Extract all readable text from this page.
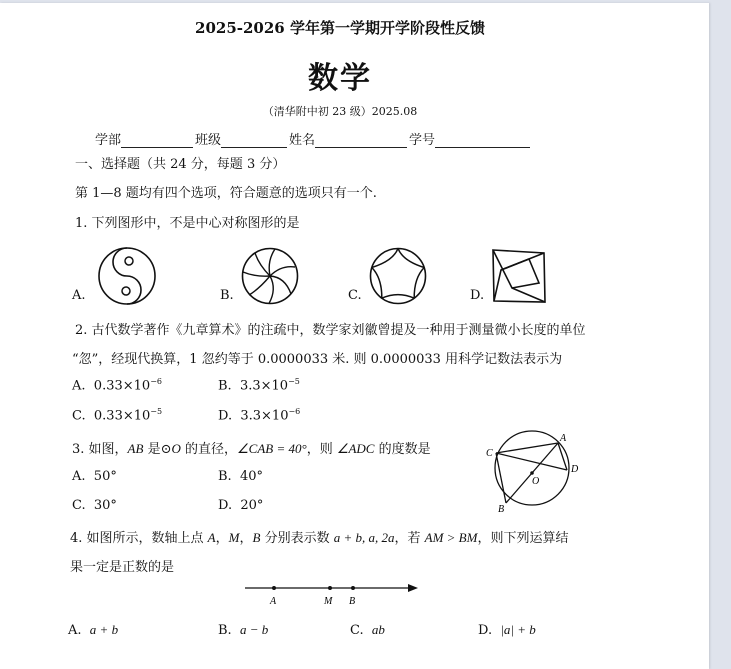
2025-2026 学年第一学期开学阶段性反馈
数学
（清华附中初 23 级）2025.08
学部	班级	姓名	学号
一、选择题（共 24 分，每题 3 分）
第 1—8 题均有四个选项，符合题意的选项只有一个.
1. 下列图形中，不是中心对称图形的是
A.	B.	C.	D.
2. 古代数学著作《九章算术》的注疏中，数学家刘徽曾提及一种用于测量微小长度的单位
“忽”，经现代换算，1 忽约等于 0.0000033 米. 则 0.0000033 用科学记数法表示为
A. $0.33\times 10^{-6}$	B. $3.3\times 10^{-5}$
C. $0.33\times 10^{-5}$	D. $3.3\times 10^{-6}$
3. 如图，AB 是⊙O 的直径，∠CAB = 40°，则 ∠ADC 的度数是
A. 50°	B. 40°
C. 30°	D. 20°
C
A
D
O
B
4. 如图所示，数轴上点 A，M，B 分别表示数 a + b, a, 2a，若 AM > BM，则下列运算结
果一定是正数的是
A	M B
A. a + b	B. a − b	C. ab	D. |a| + b
